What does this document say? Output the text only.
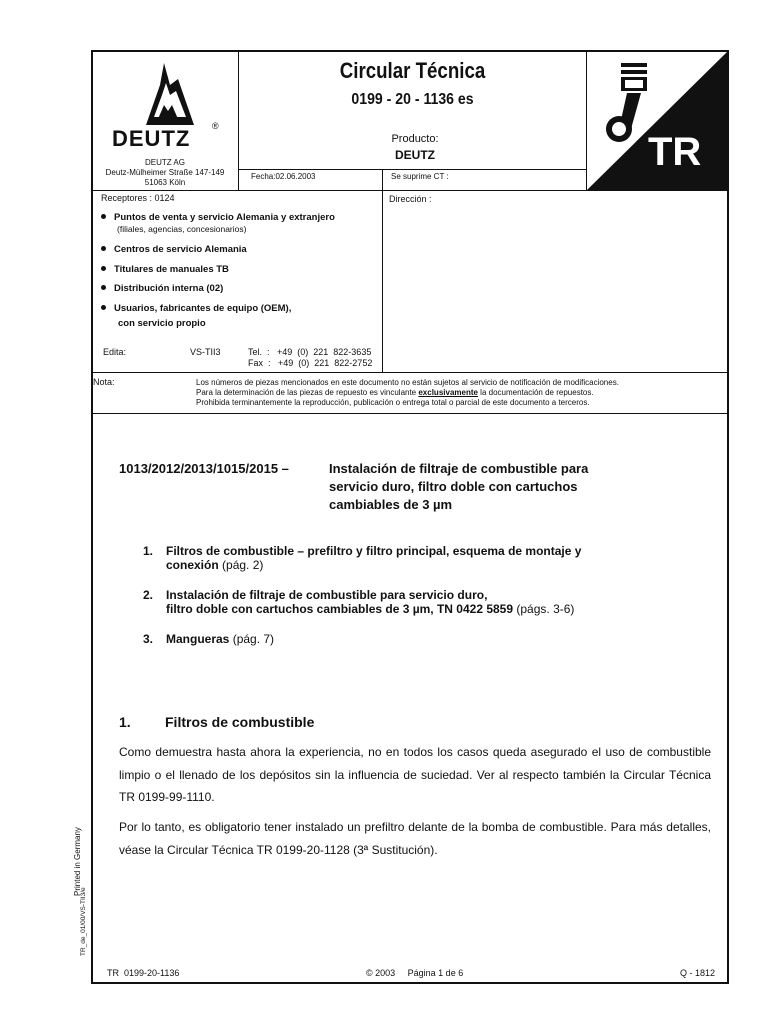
DEUTZ	®
DEUTZ AG
Deutz-Mülheimer Straße 147-149
51063 Köln
Circular Técnica
0199 - 20 - 1136 es
Producto:
DEUTZ
Fecha:02.06.2003	Se suprime CT :
TR
Receptores : 0124
Puntos de venta y servicio Alemania y extranjero
(filiales, agencias, concesionarios)
Centros de servicio Alemania
Titulares de manuales TB
Distribución interna (02)
Usuarios, fabricantes de equipo (OEM),
con servicio propio
Edita:	VS-TII3	Tel.  :   +49  (0)  221  822-3635
Fax  :   +49  (0)  221  822-2752
Dirección :
Nota:	Los números de piezas mencionados en este documento no están sujetos al servicio de notificación de modificaciones.
Para la determinación de las piezas de repuesto es vinculante exclusivamente la documentación de repuestos.
Prohibida terminantemente la reproducción, publicación o entrega total o parcial de este documento a terceros.
1013/2012/2013/1015/2015 –	Instalación de filtraje de combustible para
servicio duro, filtro doble con cartuchos
cambiables de 3 µm
1. Filtros de combustible – prefiltro y filtro principal, esquema de montaje y
conexión (pág. 2)
2. Instalación de filtraje de combustible para servicio duro,
filtro doble con cartuchos cambiables de 3 µm, TN 0422 5859 (págs. 3-6)
3. Mangueras (pág. 7)
1. Filtros de combustible
Como demuestra hasta ahora la experiencia, no en todos los casos queda asegurado el uso de combustible limpio o el llenado de los depósitos sin la influencia de suciedad. Ver al respecto también la Circular Técnica TR 0199-99-1110.
Por lo tanto, es obligatorio tener instalado un prefiltro delante de la bomba de combustible. Para más detalles, véase la Circular Técnica TR 0199-20-1128 (3ª Sustitución).
Printed in Germany
TR_de_01/00/VS-TII3/e
TR  0199-20-1136	© 2003     Página 1 de 6	Q - 1812
